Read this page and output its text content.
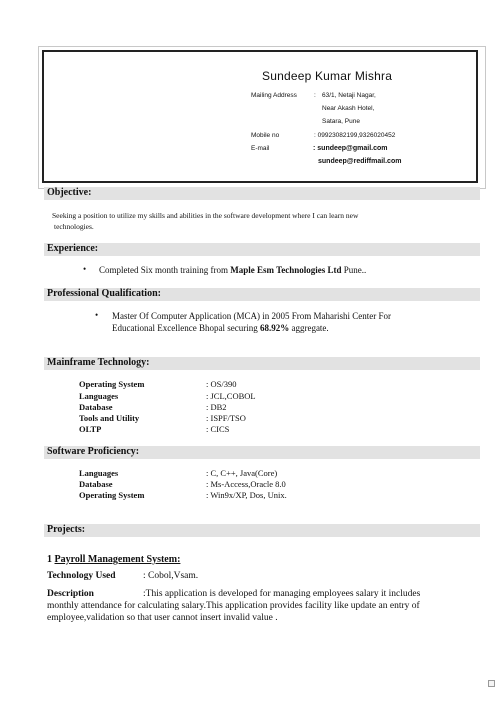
Sundeep Kumar Mishra
Mailing Address	: 63/1, Netaji Nagar,
Near Akash Hotel,
Satara, Pune
Mobile no	: 09923082199,9326020452
E-mail	: sundeep@gmail.com
sundeep@rediffmail.com
Objective:
Seeking a position to utilize my skills and abilities in the software development where I can learn new
technologies.
Experience:
• Completed Six month training from Maple Esm Technologies Ltd Pune..
Professional Qualification:
• Master Of Computer Application (MCA) in 2005 From Maharishi Center For
Educational Excellence Bhopal securing 68.92% aggregate.
Mainframe Technology:
Operating System	: OS/390
Languages	: JCL,COBOL
Database	: DB2
Tools and Utility	: ISPF/TSO
OLTP	: CICS
Software Proficiency:
Languages	: C, C++, Java(Core)
Database	: Ms-Access,Oracle 8.0
Operating System	: Win9x/XP, Dos, Unix.
Projects:
1 Payroll Management System:
Technology Used	: Cobol,Vsam.
Description	:This application is developed for managing employees salary it includes
monthly attendance for calculating salary.This application provides facility like update an entry of
employee,validation so that user cannot insert invalid value .
